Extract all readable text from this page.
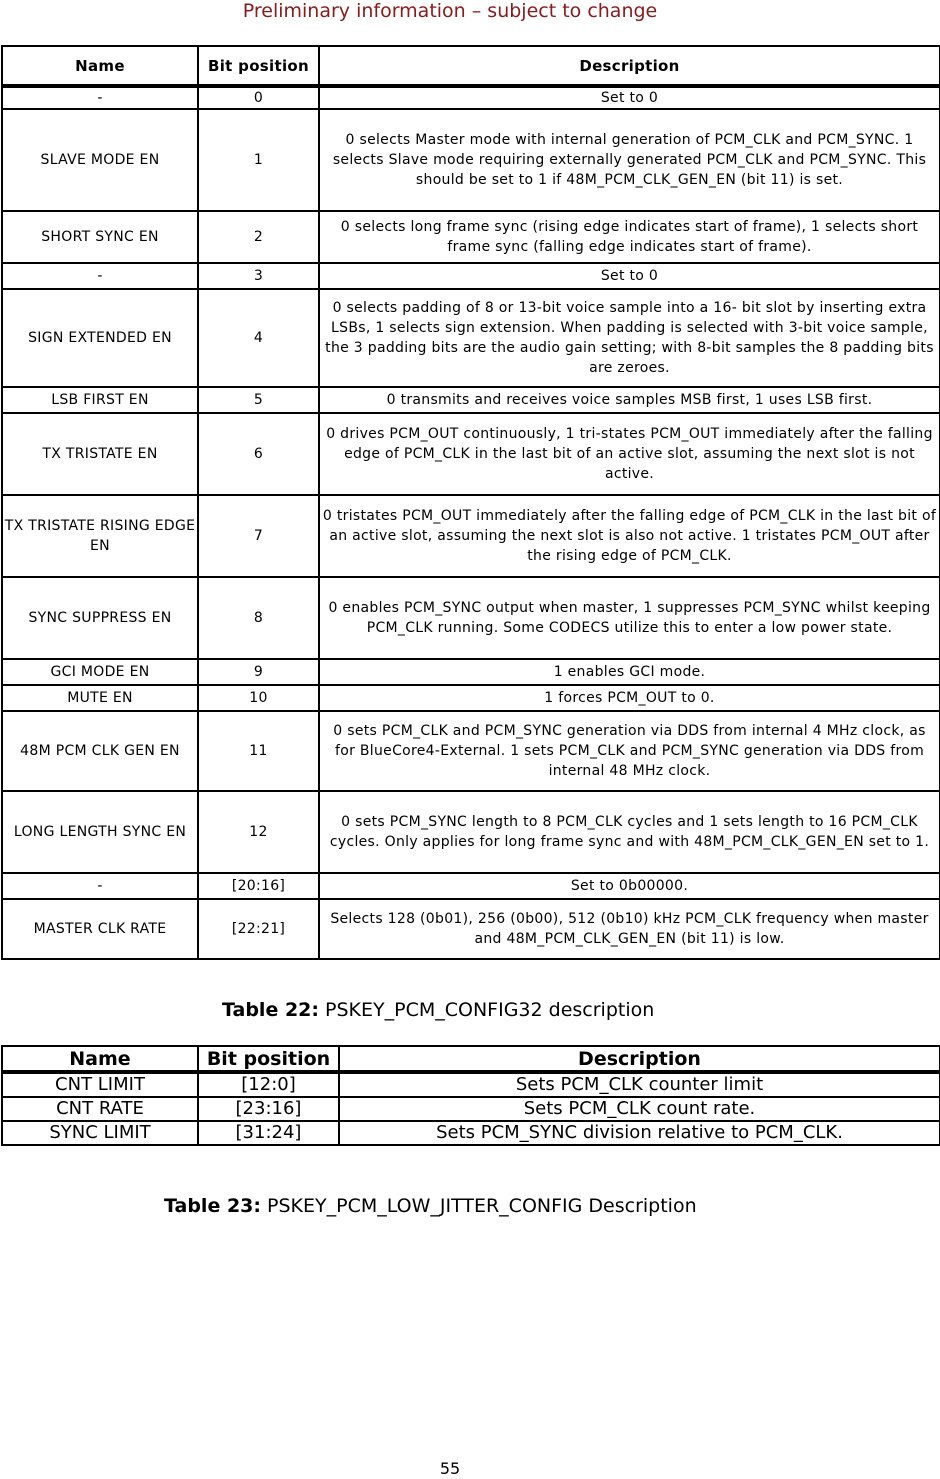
Preliminary information – subject to change
Name	Bit position	Description
-	0	Set to 0
SLAVE MODE EN	1	0 selects Master mode with internal generation of PCM_CLK and PCM_SYNC. 1 selects Slave mode requiring externally generated PCM_CLK and PCM_SYNC. This should be set to 1 if 48M_PCM_CLK_GEN_EN (bit 11) is set.
SHORT SYNC EN	2	0 selects long frame sync (rising edge indicates start of frame), 1 selects short frame sync (falling edge indicates start of frame).
-	3	Set to 0
SIGN EXTENDED EN	4	0 selects padding of 8 or 13-bit voice sample into a 16- bit slot by inserting extra LSBs, 1 selects sign extension. When padding is selected with 3-bit voice sample, the 3 padding bits are the audio gain setting; with 8-bit samples the 8 padding bits are zeroes.
LSB FIRST EN	5	0 transmits and receives voice samples MSB first, 1 uses LSB first.
TX TRISTATE EN	6	0 drives PCM_OUT continuously, 1 tri-states PCM_OUT immediately after the falling edge of PCM_CLK in the last bit of an active slot, assuming the next slot is not active.
TX TRISTATE RISING EDGE EN	7	0 tristates PCM_OUT immediately after the falling edge of PCM_CLK in the last bit of an active slot, assuming the next slot is also not active. 1 tristates PCM_OUT after the rising edge of PCM_CLK.
SYNC SUPPRESS EN	8	0 enables PCM_SYNC output when master, 1 suppresses PCM_SYNC whilst keeping PCM_CLK running. Some CODECS utilize this to enter a low power state.
GCI MODE EN	9	1 enables GCI mode.
MUTE EN	10	1 forces PCM_OUT to 0.
48M PCM CLK GEN EN	11	0 sets PCM_CLK and PCM_SYNC generation via DDS from internal 4 MHz clock, as for BlueCore4-External. 1 sets PCM_CLK and PCM_SYNC generation via DDS from internal 48 MHz clock.
LONG LENGTH SYNC EN	12	0 sets PCM_SYNC length to 8 PCM_CLK cycles and 1 sets length to 16 PCM_CLK cycles. Only applies for long frame sync and with 48M_PCM_CLK_GEN_EN set to 1.
-	[20:16]	Set to 0b00000.
MASTER CLK RATE	[22:21]	Selects 128 (0b01), 256 (0b00), 512 (0b10) kHz PCM_CLK frequency when master and 48M_PCM_CLK_GEN_EN (bit 11) is low.
Table 22: PSKEY_PCM_CONFIG32 description
Name	Bit position	Description
CNT LIMIT	[12:0]	Sets PCM_CLK counter limit
CNT RATE	[23:16]	Sets PCM_CLK count rate.
SYNC LIMIT	[31:24]	Sets PCM_SYNC division relative to PCM_CLK.
Table 23: PSKEY_PCM_LOW_JITTER_CONFIG Description
55
